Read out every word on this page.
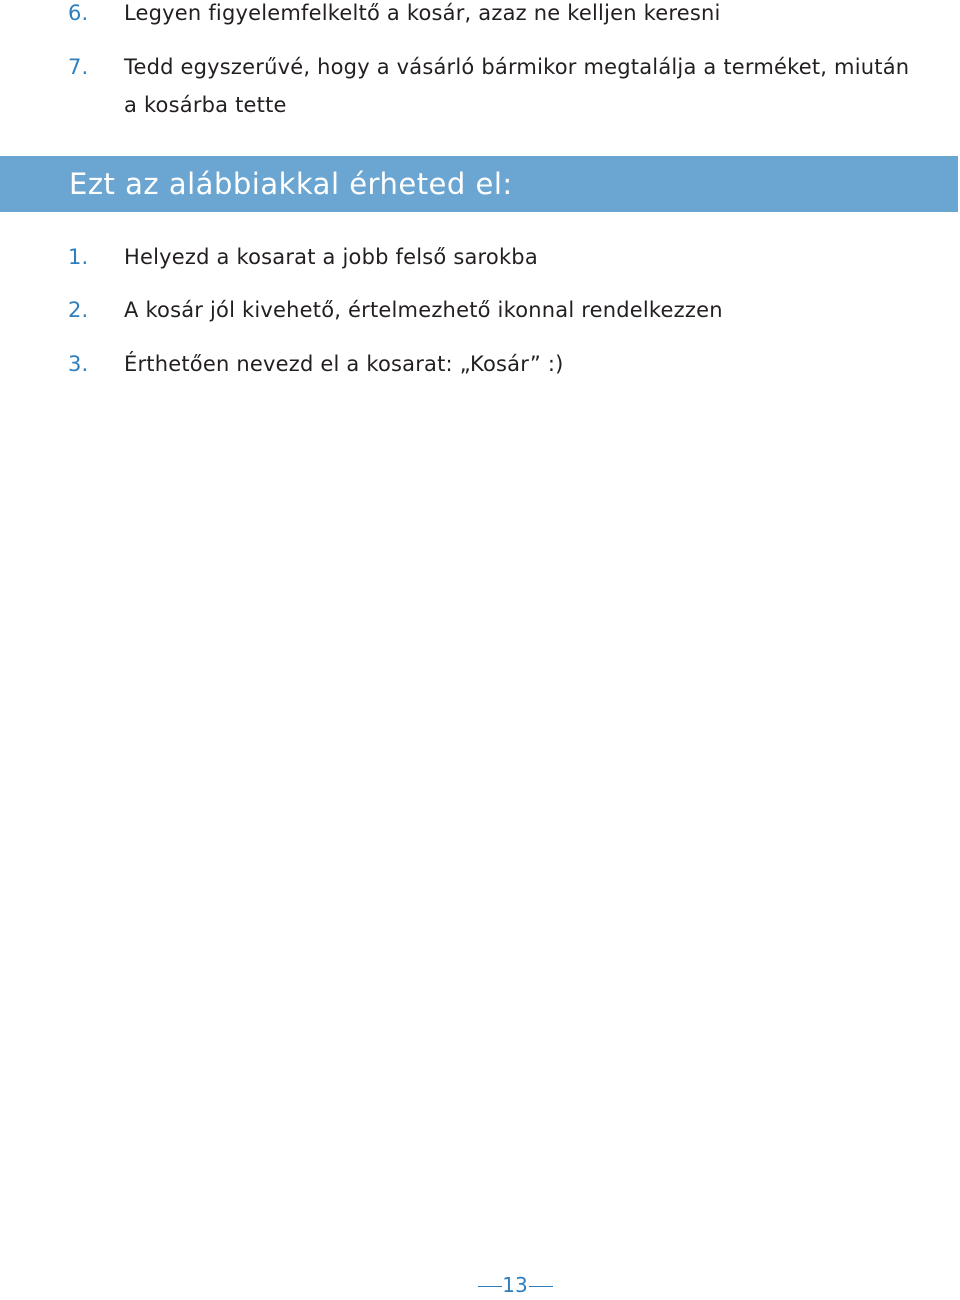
6. Legyen figyelemfelkeltő a kosár, azaz ne kelljen keresni
7. Tedd egyszerűvé, hogy a vásárló bármikor megtalálja a terméket, miután
a kosárba tette
Ezt az alábbiakkal érheted el:
1. Helyezd a kosarat a jobb felső sarokba
2. A kosár jól kivehető, értelmezhető ikonnal rendelkezzen
3. Érthetően nevezd el a kosarat: „Kosár” :)
13
